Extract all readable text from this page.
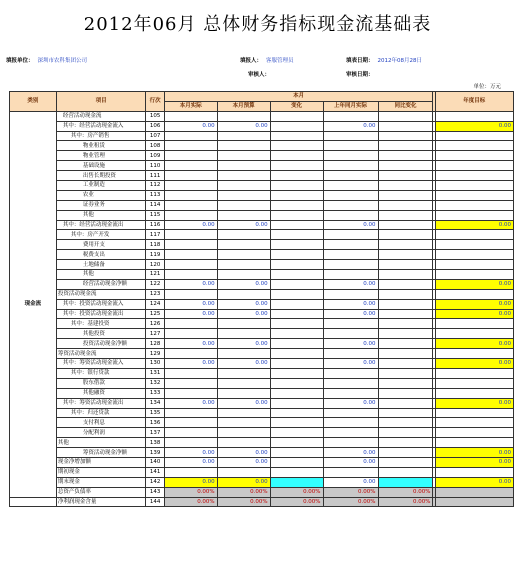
2012年06月 总体财务指标现金流基础表
填报单位： 深圳市农科集团公司	填报人： 客服管理员	填表日期： 2012年08月28日
审核人：	审核日期：
单位：万元
类别	项目	行次	本月						年度目标
			本月实际	本月预算	变化	上年同月实际	同比变化		
现金流	经营活动现金流	105							
	其中：经营活动现金流入	106	0.00	0.00		0.00			0.00
	其中：房产销售	107							
	物业租赁	108							
	物业管理	109							
	基础设施	110							
	出售长期投资	111							
	工业制造	112							
	农业	113							
	证券业务	114							
	其他	115							
	其中：经营活动现金流出	116	0.00	0.00		0.00			0.00
	其中：房产开发	117							
	费用开支	118							
	税费支出	119							
	土地储备	120							
	其他	121							
	经营活动现金净额	122	0.00	0.00		0.00			0.00
	投资活动现金流	123							
	其中：投资活动现金流入	124	0.00	0.00		0.00			0.00
	其中：投资活动现金流出	125	0.00	0.00		0.00			0.00
	其中：基建投资	126							
	其他投资	127							
	投资活动现金净额	128	0.00	0.00		0.00			0.00
	筹资活动现金流	129							
	其中：筹资活动现金流入	130	0.00	0.00		0.00			0.00
	其中：银行贷款	131							
	股东借款	132							
	其他融资	133							
	其中：筹资活动现金流出	134	0.00	0.00		0.00			0.00
	其中：归还贷款	135							
	支付利息	136							
	分配利润	137							
	其他	138							
	筹资活动现金净额	139	0.00	0.00		0.00			0.00
	现金净增加额	140	0.00	0.00		0.00			0.00
	期初现金	141							
	期末现金	142	0.00	0.00		0.00			0.00
	总资产负债率	143	0.00%	0.00%	0.00%	0.00%	0.00%		
	净利润现金含量	144	0.00%	0.00%	0.00%	0.00%	0.00%		
